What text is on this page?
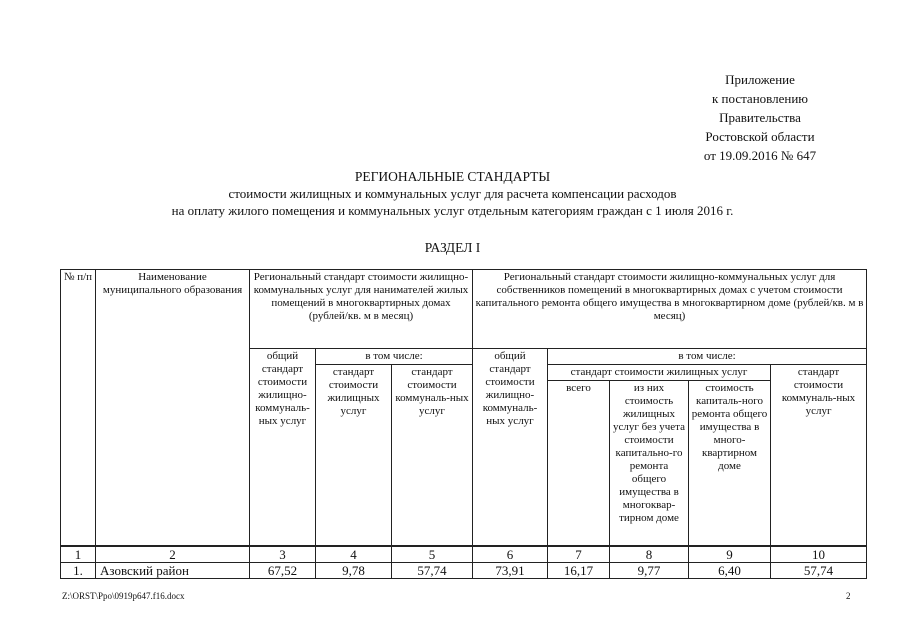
Приложение
к постановлению
Правительства
Ростовской области
от 19.09.2016 № 647
РЕГИОНАЛЬНЫЕ СТАНДАРТЫ
стоимости жилищных и коммунальных услуг для расчета компенсации расходов
на оплату жилого помещения и коммунальных услуг отдельным категориям граждан с 1 июля 2016 г.
РАЗДЕЛ I
№ п/п	Наименование муниципального образования	Региональный стандарт стоимости жилищно-коммунальных услуг для нанимателей жилых помещений в многоквартирных домах (рублей/кв. м в месяц)			Региональный стандарт стоимости жилищно-коммунальных услуг для собственников помещений в многоквартирных домах с учетом стоимости капитального ремонта общего имущества в многоквартирном доме (рублей/кв. м в месяц)				
		общий стандарт стоимости жилищно-коммуналь-ных услуг	в том числе:		общий стандарт стоимости жилищно-коммуналь-ных услуг	в том числе:			
			стандарт стоимости жилищных услуг	стандарт стоимости коммуналь-ных услуг		стандарт стоимости жилищных услуг			стандарт стоимости коммуналь-ных услуг
						всего	из них стоимость жилищных услуг без учета стоимости капитально-го ремонта общего имущества в многоквар-тирном доме	стоимость капиталь-ного ремонта общего имущества в много-квартирном доме	
1	2	3	4	5	6	7	8	9	10
1.	Азовский район	67,52	9,78	57,74	73,91	16,17	9,77	6,40	57,74
Z:\ORST\Ppo\0919p647.f16.docx	2
